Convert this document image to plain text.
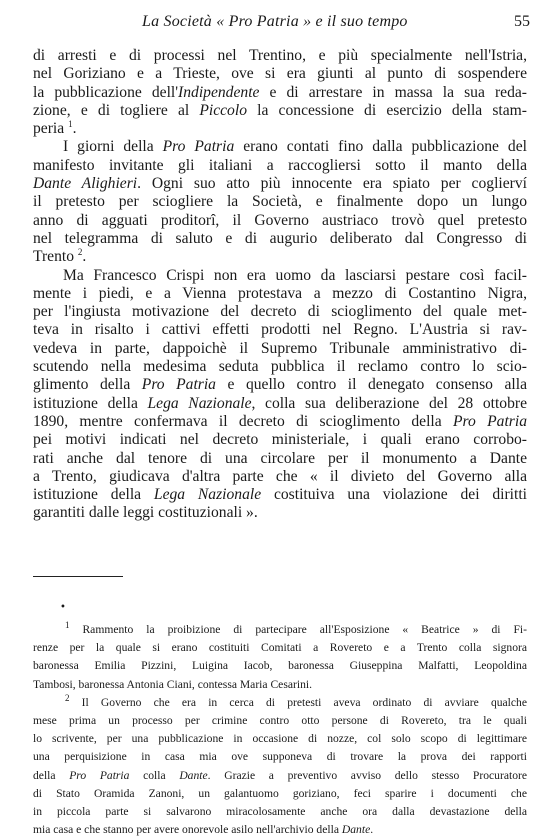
La Società « Pro Patria » e il suo tempo	55

di arresti e di processi nel Trentino, e più specialmente nell'Istria,
nel Goriziano e a Trieste, ove si era giunti al punto di sospendere
la pubblicazione dell'Indipendente e di arrestare in massa la sua reda-
zione, e di togliere al Piccolo la concessione di esercizio della stam-
peria $^1$.

I giorni della Pro Patria erano contati fino dalla pubblicazione del
manifesto invitante gli italiani a raccogliersi sotto il manto della
Dante Alighieri. Ogni suo atto più innocente era spiato per coglierví
il pretesto per sciogliere la Società, e finalmente dopo un lungo
anno di agguati proditorî, il Governo austriaco trovò quel pretesto
nel telegramma di saluto e di augurio deliberato dal Congresso di
Trento $^2$.

Ma Francesco Crispi non era uomo da lasciarsi pestare così facil-
mente i piedi, e a Vienna protestava a mezzo di Costantino Nigra,
per l'ingiusta motivazione del decreto di scioglimento del quale met-
teva in risalto i cattivi effetti prodotti nel Regno. L'Austria si rav-
vedeva in parte, dappoichè il Supremo Tribunale amministrativo di-
scutendo nella medesima seduta pubblica il reclamo contro lo scio-
glimento della Pro Patria e quello contro il denegato consenso alla
istituzione della Lega Nazionale, colla sua deliberazione del 28 ottobre
1890, mentre confermava il decreto di scioglimento della Pro Patria
pei motivi indicati nel decreto ministeriale, i quali erano corrobo-
rati anche dal tenore di una circolare per il monumento a Dante
a Trento, giudicava d'altra parte che « il divieto del Governo alla
istituzione della Lega Nazionale costituiva una violazione dei diritti
garantiti dalle leggi costituzionali ».

•
$^1$ Rammento la proibizione di partecipare all'Esposizione « Beatrice » di Fi-
renze per la quale si erano costituiti Comitati a Rovereto e a Trento colla signora
baronessa Emilia Pizzini, Luigina Iacob, baronessa Giuseppina Malfatti, Leopoldina
Tambosi, baronessa Antonia Ciani, contessa Maria Cesarini.
$^2$ Il Governo che era in cerca di pretesti aveva ordinato di avviare qualche
mese prima un processo per crimine contro otto persone di Rovereto, tra le quali
lo scrivente, per una pubblicazione in occasione di nozze, col solo scopo di legittimare
una perquisizione in casa mia ove supponeva di trovare la prova dei rapporti
della Pro Patria colla Dante. Grazie a preventivo avviso dello stesso Procuratore
di Stato Oramida Zanoni, un galantuomo goriziano, feci sparire i documenti che
in piccola parte si salvarono miracolosamente anche ora dalla devastazione della
mia casa e che stanno per avere onorevole asilo nell'archivio della Dante.
